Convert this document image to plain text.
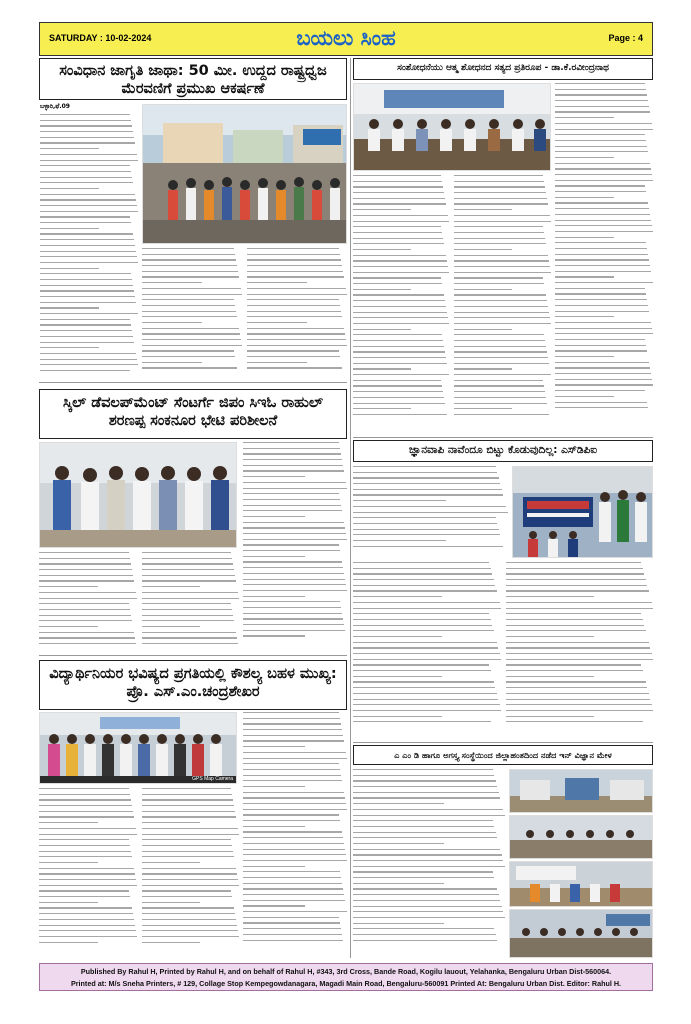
SATURDAY : 10-02-2024	ಬಯಲು ಸಿಂಹ	Page : 4
ಸಂವಿಧಾನ ಜಾಗೃತಿ ಜಾಥಾ: 50 ಮೀ. ಉದ್ದದ ರಾಷ್ಟ್ರಧ್ವಜ ಮೆರವಣಿಗೆ ಪ್ರಮುಖ ಆಕರ್ಷಣೆ
ಬಳ್ಳಾರಿ,ಫೆ.09
ಸ್ಕಿಲ್ ಡೆವಲಪ್‌ಮೆಂಟ್ ಸೆಂಟರ್ಗೆ ಜಿಪಂ ಸಿಇಓ ರಾಹುಲ್ ಶರಣಪ್ಪ ಸಂಕನೂರ ಭೇಟಿ ಪರಿಶೀಲನೆ
ವಿದ್ಯಾರ್ಥಿನಿಯರ ಭವಿಷ್ಯದ ಪ್ರಗತಿಯಲ್ಲಿ ಕೌಶಲ್ಯ ಬಹಳ ಮುಖ್ಯ: ಪ್ರೊ. ಎಸ್.ಎಂ.ಚಂದ್ರಶೇಖರ
GPS Map Camera
ಸಂಶೋಧನೆಯು ಆತ್ಮ ಶೋಧನದ ಸತ್ಯದ ಪ್ರತಿರೂಪ - ಡಾ.ಕೆ.ರವೀಂದ್ರನಾಥ
ಜ್ಞಾನವಾಪಿ ನಾವೆಂದೂ ಬಿಟ್ಟು ಕೊಡುವುದಿಲ್ಲ: ಎಸ್‌ಡಿಪಿಐ
ಎ ಎಂ ಡಿ ಹಾಗೂ ಅಗಸ್ತ್ಯ ಸಂಸ್ಥೆಯಿಂದ ಜಿಲ್ಲಾಹಂತದಿಂದ ನಡೆದ ಇನ್ ವಿಜ್ಞಾನ ಮೇಳ
Published By Rahul H, Printed by Rahul H, and on behalf of Rahul H, #343, 3rd Cross, Bande Road, Kogilu lauout, Yelahanka, Bengaluru Urban Dist-560064.
Printed at: M/s Sneha Printers, # 129, Collage Stop Kempegowdanagara, Magadi Main Road, Bengaluru-560091 Printed At: Bengaluru Urban Dist. Editor: Rahul H.
